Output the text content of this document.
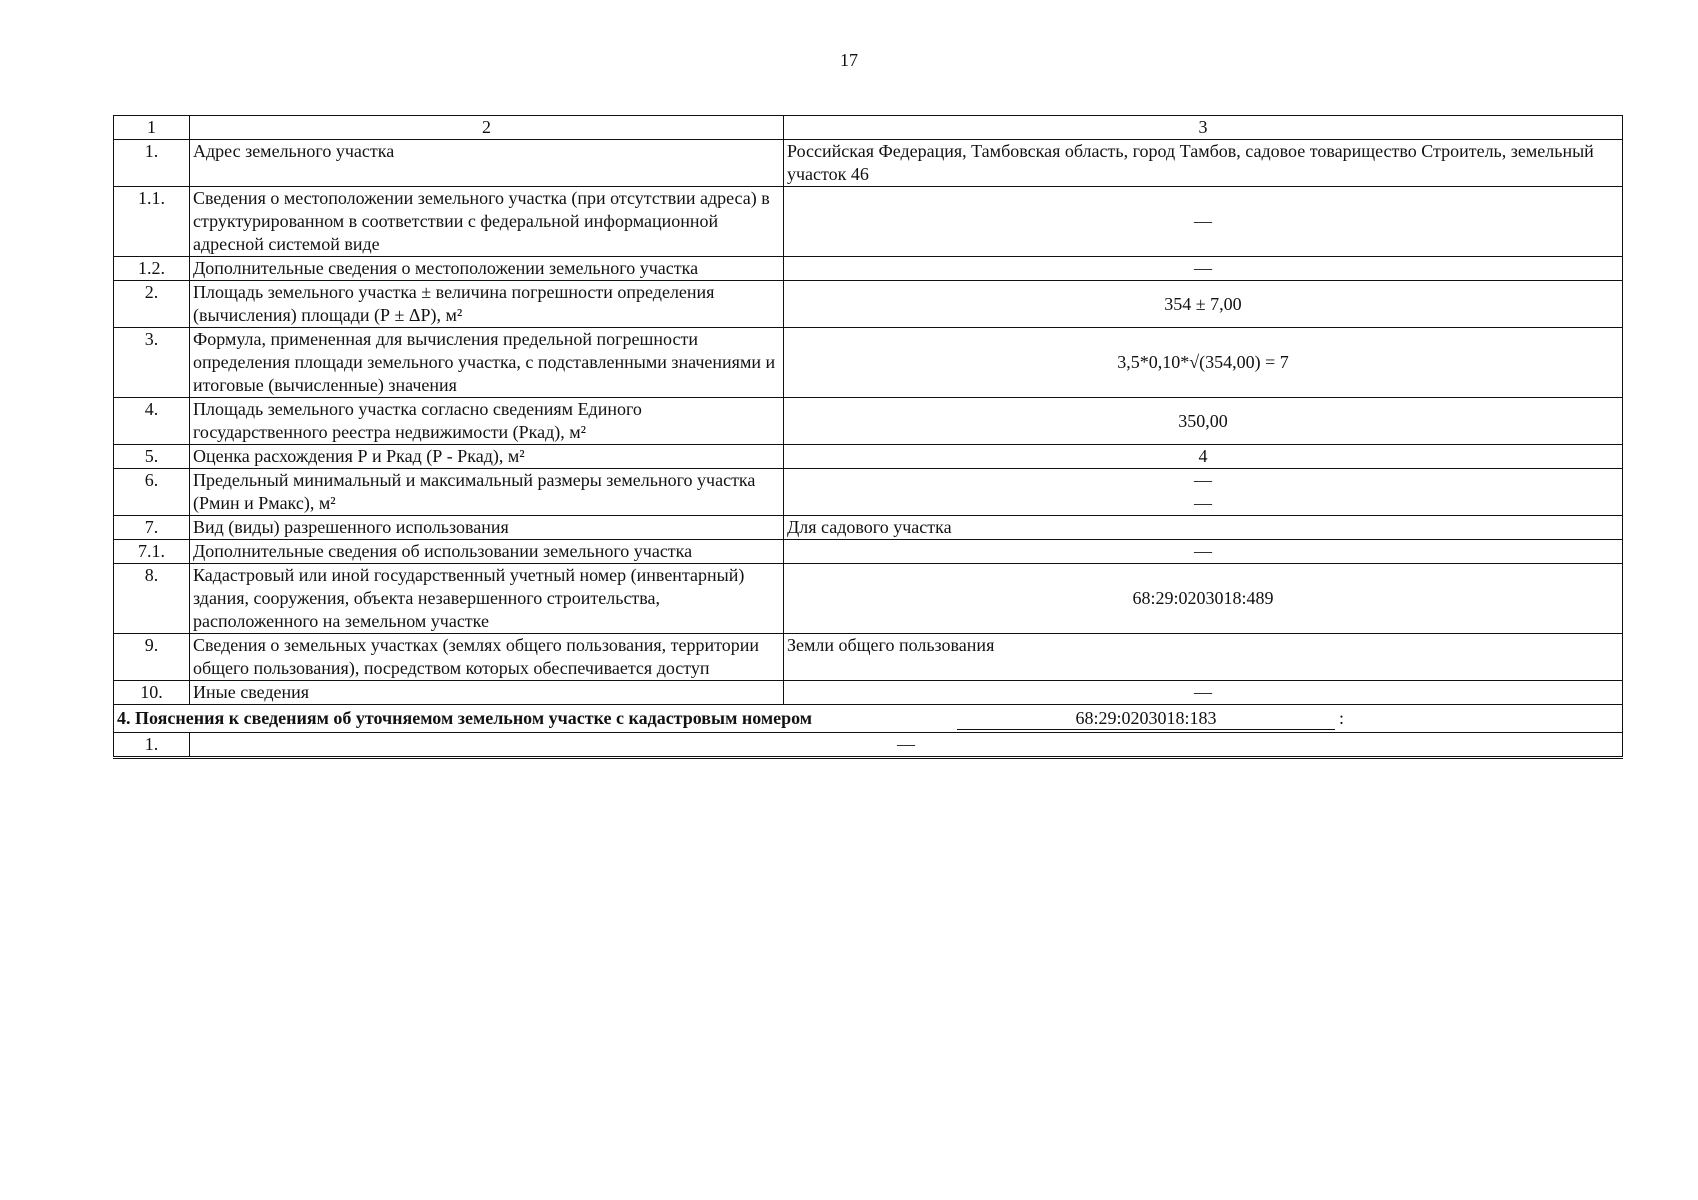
17
1	2	3
1.	Адрес земельного участка	Российская Федерация, Тамбовская область, город Тамбов, садовое товарищество Строитель, земельный участок 46
1.1.	Сведения о местоположении земельного участка (при отсутствии адреса) в структурированном в соответствии с федеральной информационной адресной системой виде	—
1.2.	Дополнительные сведения о местоположении земельного участка	—
2.	Площадь земельного участка ± величина погрешности определения (вычисления) площади (Р ± ΔР), м²	354 ± 7,00
3.	Формула, примененная для вычисления предельной погрешности определения площади земельного участка, с подставленными значениями и итоговые (вычисленные) значения	3,5*0,10*√(354,00) = 7
4.	Площадь земельного участка согласно сведениям Единого государственного реестра недвижимости (Ркад), м²	350,00
5.	Оценка расхождения Р и Ркад (Р - Ркад), м²	4
6.	Предельный минимальный и максимальный размеры земельного участка (Рмин и Рмакс), м²	—
—

7.	Вид (виды) разрешенного использования	Для садового участка
7.1.	Дополнительные сведения об использовании земельного участка	—
8.	Кадастровый или иной государственный учетный номер (инвентарный) здания, сооружения, объекта незавершенного строительства, расположенного на земельном участке	68:29:0203018:489
9.	Сведения о земельных участках (землях общего пользования, территории общего пользования), посредством которых обеспечивается доступ	Земли общего пользования
10.	Иные сведения	—
4. Пояснения к сведениям об уточняемом земельном участке с кадастровым номером 68:29:0203018:183 :		
1.	—	
